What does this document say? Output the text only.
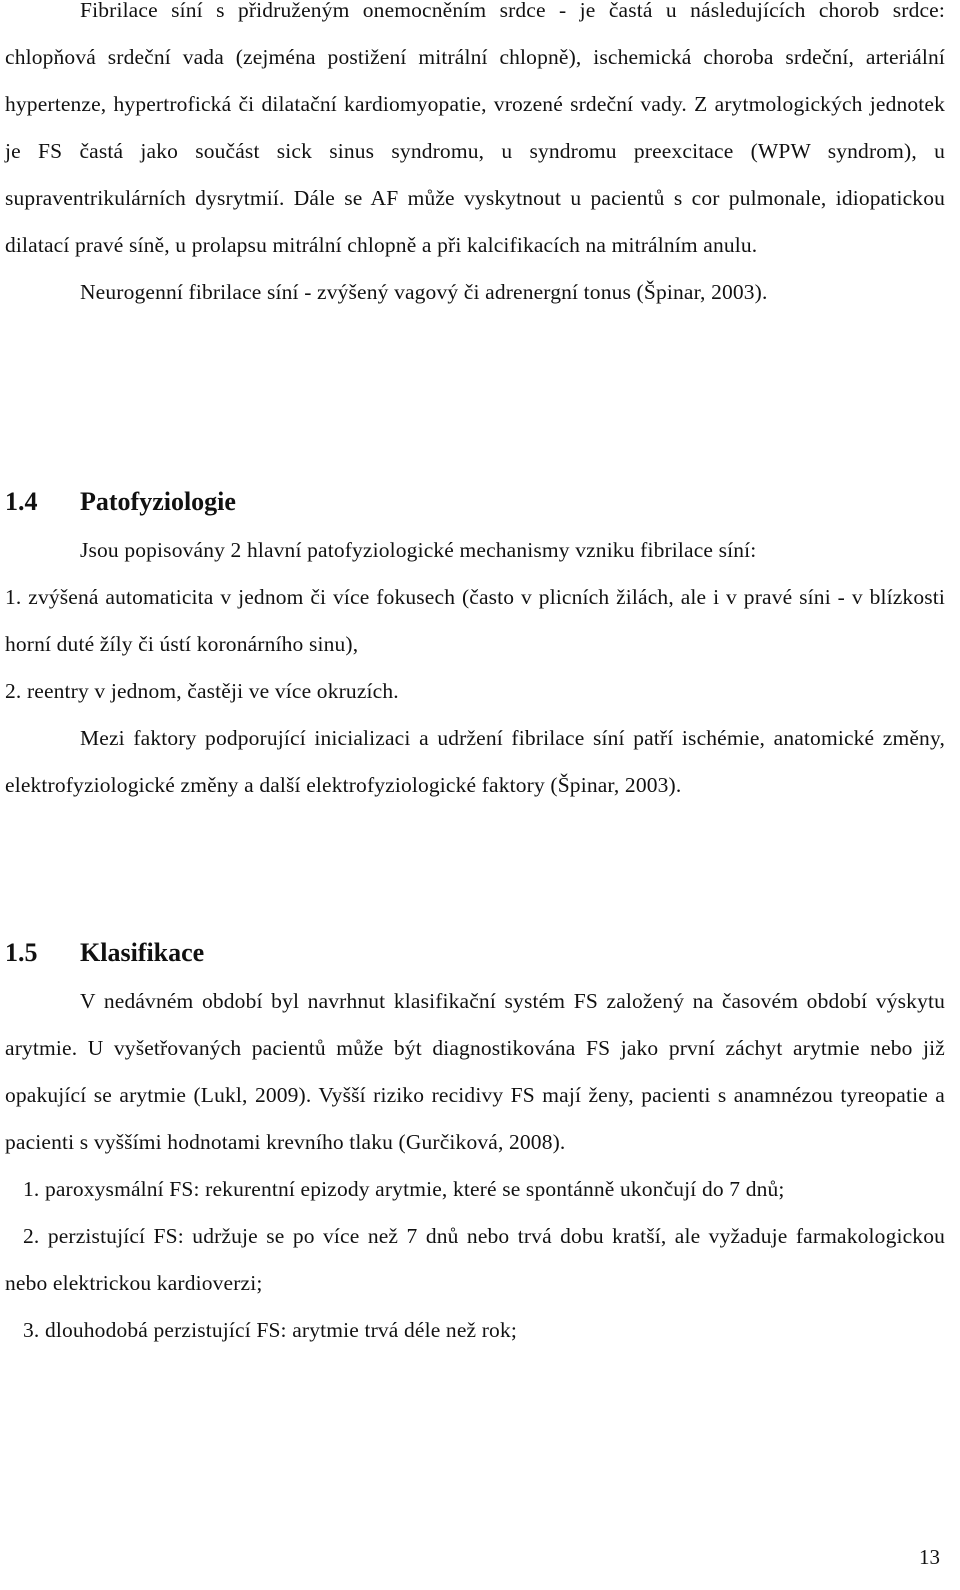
Fibrilace síní s přidruženým onemocněním srdce - je častá u následujících chorob srdce: chlopňová srdeční vada (zejména postižení mitrální chlopně), ischemická choroba srdeční, arteriální hypertenze, hypertrofická či dilatační kardiomyopatie, vrozené srdeční vady. Z arytmologických jednotek je FS častá jako součást sick sinus syndromu, u syndromu preexcitace (WPW syndrom), u supraventrikulárních dysrytmií. Dále se AF může vyskytnout u pacientů s cor pulmonale, idiopatickou dilatací pravé síně, u prolapsu mitrální chlopně a při kalcifikacích na mitrálním anulu.

Neurogenní fibrilace síní - zvýšený vagový či adrenergní tonus (Špinar, 2003).

1.4 Patofyziologie

Jsou popisovány 2 hlavní patofyziologické mechanismy vzniku fibrilace síní:

1. zvýšená automaticita v jednom či více fokusech (často v plicních žilách, ale i v pravé síni - v blízkosti horní duté žíly či ústí koronárního sinu),

2. reentry v jednom, častěji ve více okruzích.

Mezi faktory podporující inicializaci a udržení fibrilace síní patří ischémie, anatomické změny, elektrofyziologické změny a další elektrofyziologické faktory (Špinar, 2003).

1.5 Klasifikace

V nedávném období byl navrhnut klasifikační systém FS založený na časovém období výskytu arytmie. U vyšetřovaných pacientů může být diagnostikována FS jako první záchyt arytmie nebo již opakující se arytmie (Lukl, 2009). Vyšší riziko recidivy FS mají ženy, pacienti s anamnézou tyreopatie a pacienti s vyššími hodnotami krevního tlaku (Gurčiková, 2008).

1. paroxysmální FS: rekurentní epizody arytmie, které se spontánně ukončují do 7 dnů;

2. perzistující FS: udržuje se po více než 7 dnů nebo trvá dobu kratší, ale vyžaduje farmakologickou nebo elektrickou kardioverzi;

3. dlouhodobá perzistující FS: arytmie trvá déle než rok;

13
